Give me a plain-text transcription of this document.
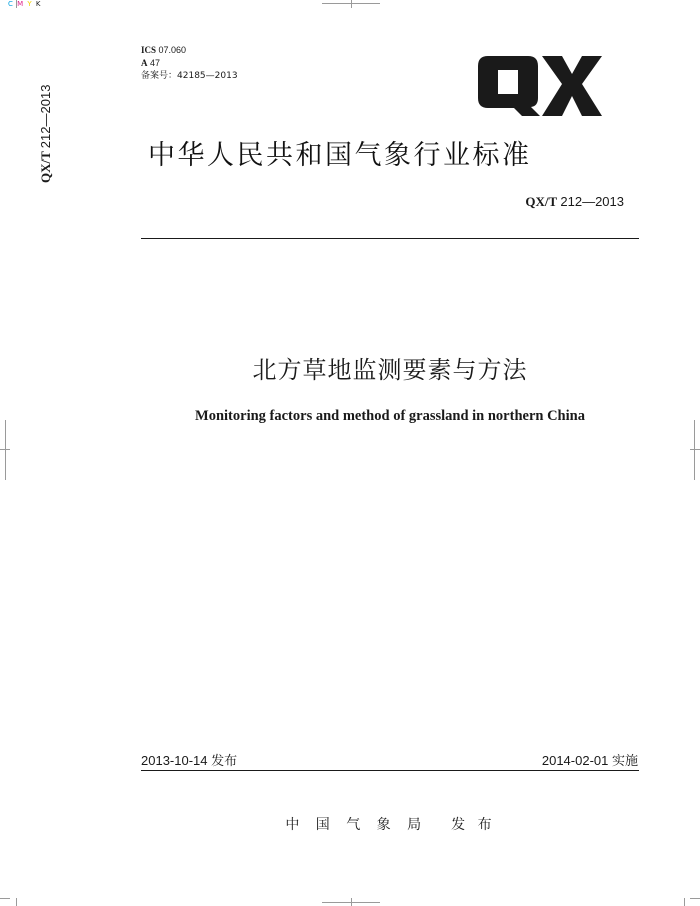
C M Y K
QX/T 212—2013
ICS 07.060
A 47
备案号：42185—2013
中华人民共和国气象行业标准
QX/T 212—2013
北方草地监测要素与方法
Monitoring factors and method of grassland in northern China
2013-10-14 发布	2014-02-01 实施

中 国 气 象 局 发 布
